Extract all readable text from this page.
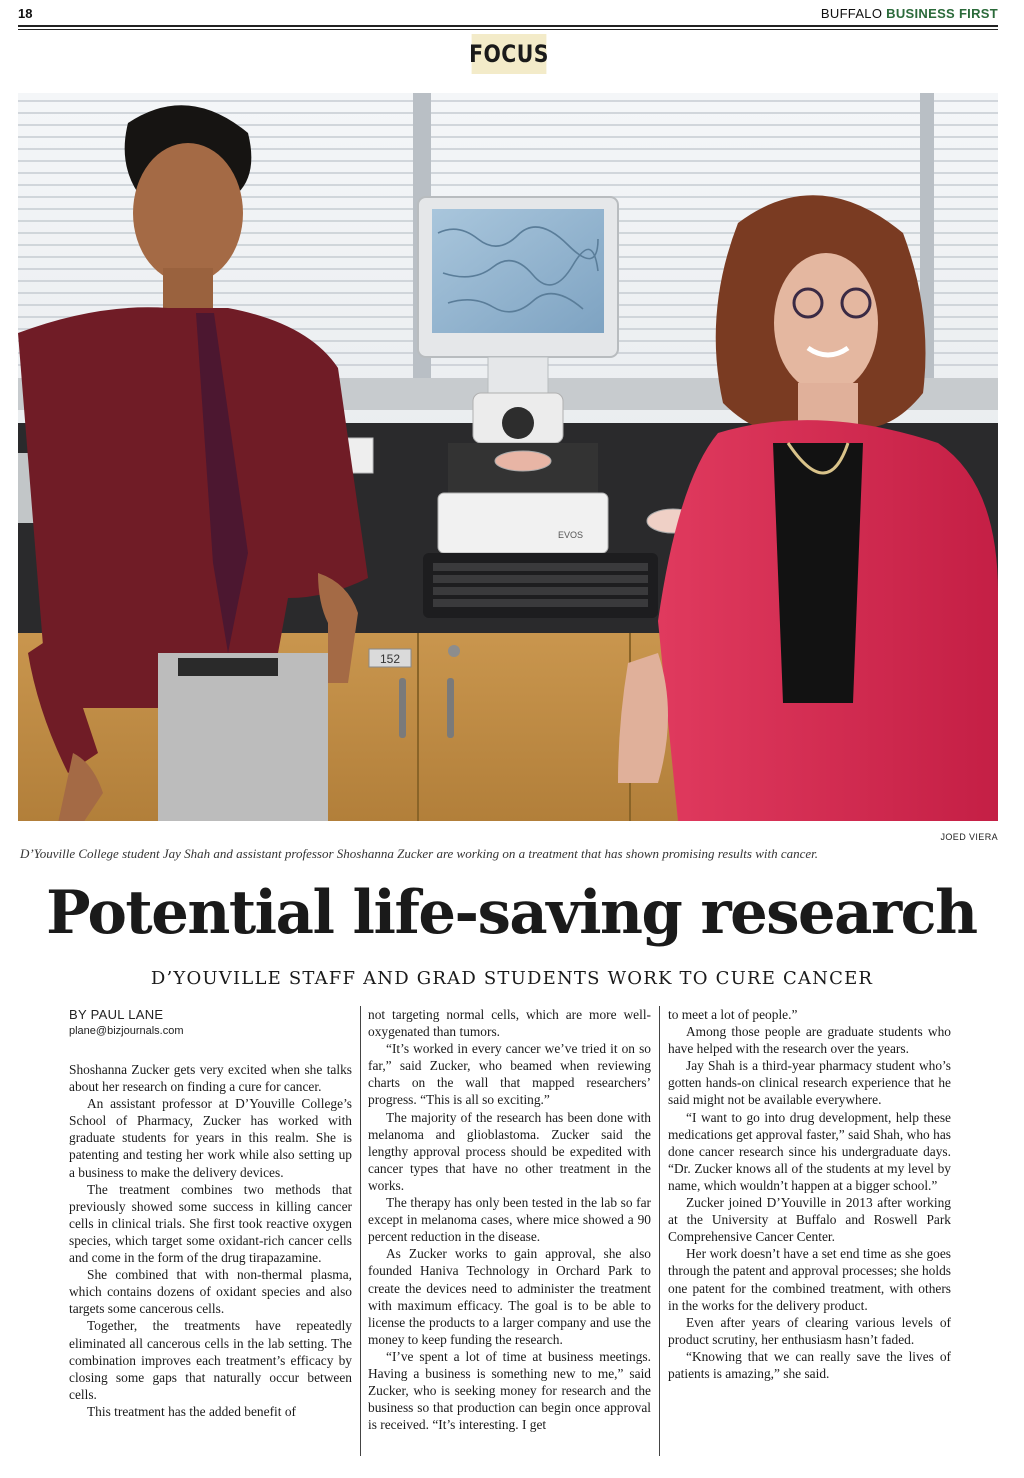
18	BUFFALO BUSINESS FIRST
FOCUS
152
EVOS
JOED VIERA
D’Youville College student Jay Shah and assistant professor Shoshanna Zucker are working on a treatment that has shown promising results with cancer.
Potential life-saving research
D’YOUVILLE STAFF AND GRAD STUDENTS WORK TO CURE CANCER
BY PAUL LANE
plane@bizjournals.com

Shoshanna Zucker gets very excited when she talks about her research on finding a cure for cancer.

An assistant professor at D’Youville College’s School of Pharmacy, Zucker has worked with graduate students for years in this realm. She is patenting and testing her work while also setting up a business to make the delivery devices.

The treatment combines two methods that previously showed some success in killing cancer cells in clinical trials. She first took reactive oxygen species, which target some oxidant-rich cancer cells and come in the form of the drug tirapazamine.

She combined that with non-thermal plasma, which contains dozens of oxidant species and also targets some cancerous cells.

Together, the treatments have repeatedly eliminated all cancerous cells in the lab setting. The combination improves each treatment’s efficacy by closing some gaps that naturally occur between cells.

This treatment has the added benefit of

not targeting normal cells, which are more well-oxygenated than tumors.

“It’s worked in every cancer we’ve tried it on so far,” said Zucker, who beamed when reviewing charts on the wall that mapped researchers’ progress. “This is all so exciting.”

The majority of the research has been done with melanoma and glioblastoma. Zucker said the lengthy approval process should be expedited with cancer types that have no other treatment in the works.

The therapy has only been tested in the lab so far except in melanoma cases, where mice showed a 90 percent reduction in the disease.

As Zucker works to gain approval, she also founded Haniva Technology in Orchard Park to create the devices need to administer the treatment with maximum efficacy. The goal is to be able to license the products to a larger company and use the money to keep funding the research.

“I’ve spent a lot of time at business meetings. Having a business is something new to me,” said Zucker, who is seeking money for research and the business so that production can begin once approval is received. “It’s interesting. I get

to meet a lot of people.”

Among those people are graduate students who have helped with the research over the years.

Jay Shah is a third-year pharmacy student who’s gotten hands-on clinical research experience that he said might not be available everywhere.

“I want to go into drug development, help these medications get approval faster,” said Shah, who has done cancer research since his undergraduate days. “Dr. Zucker knows all of the students at my level by name, which wouldn’t happen at a bigger school.”

Zucker joined D’Youville in 2013 after working at the University at Buffalo and Roswell Park Comprehensive Cancer Center.

Her work doesn’t have a set end time as she goes through the patent and approval processes; she holds one patent for the combined treatment, with others in the works for the delivery product.

Even after years of clearing various levels of product scrutiny, her enthusiasm hasn’t faded.

“Knowing that we can really save the lives of patients is amazing,” she said.
